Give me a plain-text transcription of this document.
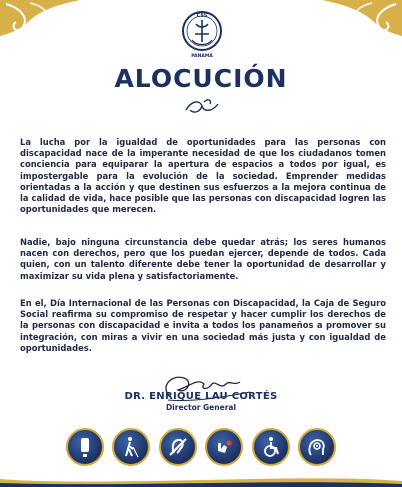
CSS
PANAMÁ
ALOCUCIÓN
La lucha por la igualdad de oportunidades para las personas con discapacidad nace de la imperante necesidad de que los ciudadanos tomen conciencia para equiparar la apertura de espacios a todos por igual, es impostergable para la evolución de la sociedad. Emprender medidas orientadas a la acción y que destinen sus esfuerzos a la mejora continua de la calidad de vida, hace posible que las personas con discapacidad logren las oportunidades que merecen.
Nadie, bajo ninguna circunstancia debe quedar atrás; los seres humanos nacen con derechos, pero que los puedan ejercer, depende de todos. Cada quien, con un talento diferente debe tener la oportunidad de desarrollar y maximizar su vida plena y satisfactoriamente.
En el, Día Internacional de las Personas con Discapacidad, la Caja de Seguro Social reafirma su compromiso de respetar y hacer cumplir los derechos de la personas con discapacidad e invita a todos los panameños a promover su integración, con miras a vivir en una sociedad más justa y con igualdad de oportunidades.
DR. ENRIQUE LAU CORTÉS
Director General
